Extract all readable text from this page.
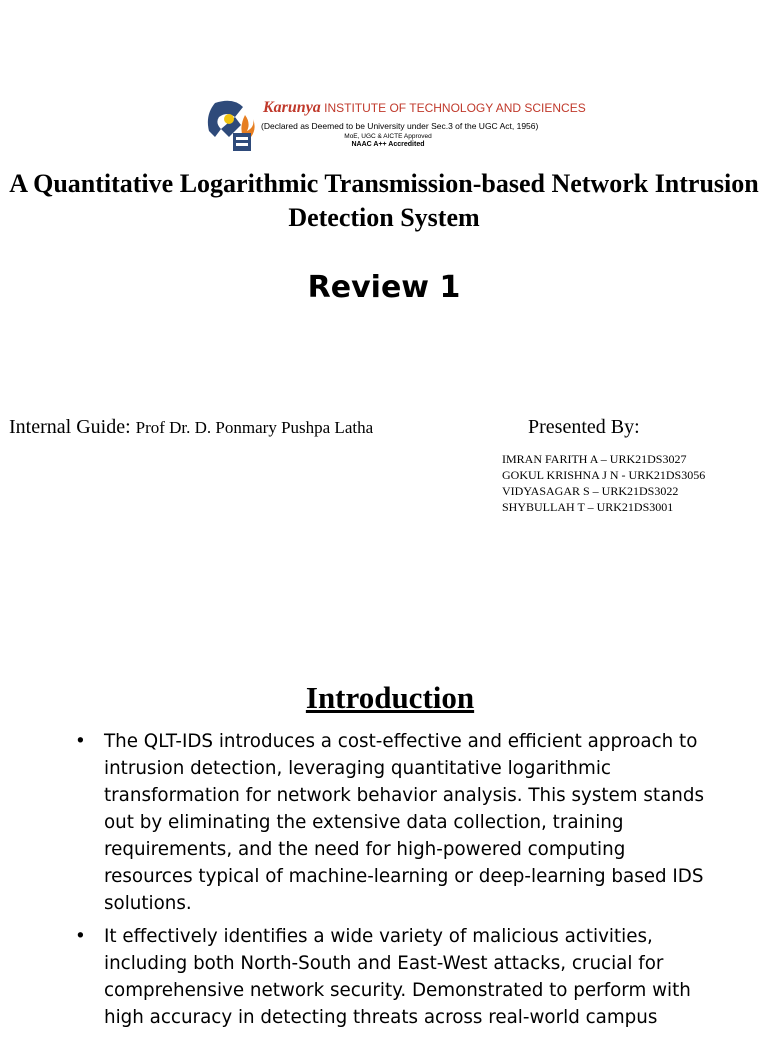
Karunya INSTITUTE OF TECHNOLOGY AND SCIENCES
(Declared as Deemed to be University under Sec.3 of the UGC Act, 1956)
MoE, UGC & AICTE Approved
NAAC A++ Accredited
A Quantitative Logarithmic Transmission-based Network Intrusion Detection System
Review 1
Internal Guide: Prof Dr. D. Ponmary Pushpa Latha	Presented By:
IMRAN FARITH A – URK21DS3027
GOKUL KRISHNA J N - URK21DS3056
VIDYASAGAR S – URK21DS3022
SHYBULLAH T – URK21DS3001
Introduction
• The QLT-IDS introduces a cost-effective and efficient approach to intrusion detection, leveraging quantitative logarithmic transformation for network behavior analysis. This system stands out by eliminating the extensive data collection, training requirements, and the need for high-powered computing resources typical of machine-learning or deep-learning based IDS solutions.
• It effectively identifies a wide variety of malicious activities, including both North-South and East-West attacks, crucial for comprehensive network security. Demonstrated to perform with high accuracy in detecting threats across real-world campus
